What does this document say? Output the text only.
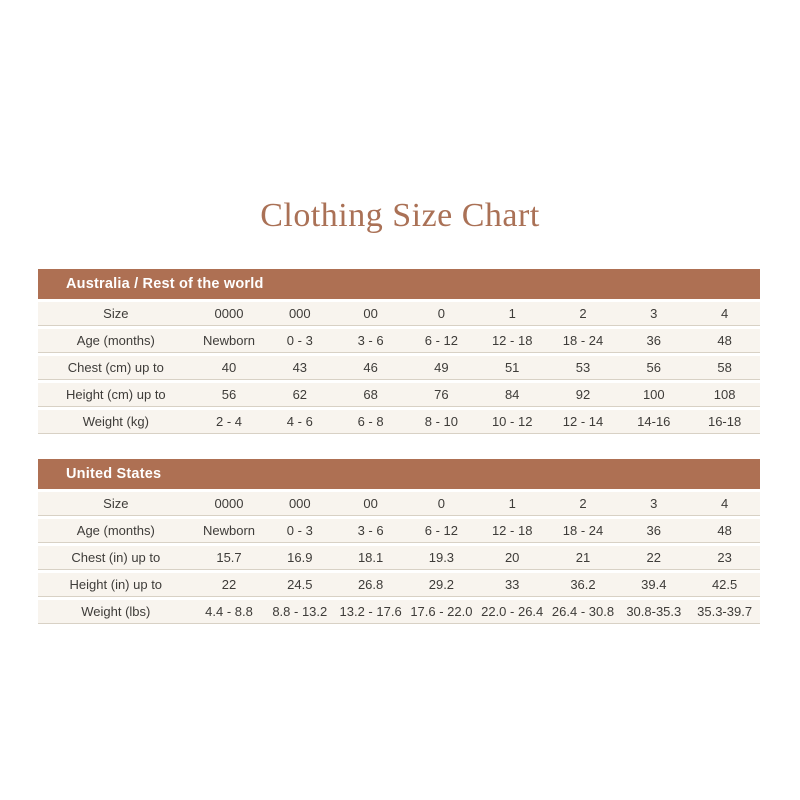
Clothing Size Chart
Australia / Rest of the world
Size	0000	000	00	0	1	2	3	4
Age (months)	Newborn	0 - 3	3 - 6	6 - 12	12 - 18	18 - 24	36	48
Chest (cm) up to	40	43	46	49	51	53	56	58
Height (cm) up to	56	62	68	76	84	92	100	108
Weight (kg)	2 - 4	4 - 6	6 - 8	8 - 10	10 - 12	12 - 14	14-16	16-18
United States
Size	0000	000	00	0	1	2	3	4
Age (months)	Newborn	0 - 3	3 - 6	6 - 12	12 - 18	18 - 24	36	48
Chest (in) up to	15.7	16.9	18.1	19.3	20	21	22	23
Height (in) up to	22	24.5	26.8	29.2	33	36.2	39.4	42.5
Weight (lbs)	4.4 - 8.8	8.8 - 13.2	13.2 - 17.6	17.6 - 22.0	22.0 - 26.4	26.4 - 30.8	30.8-35.3	35.3-39.7
